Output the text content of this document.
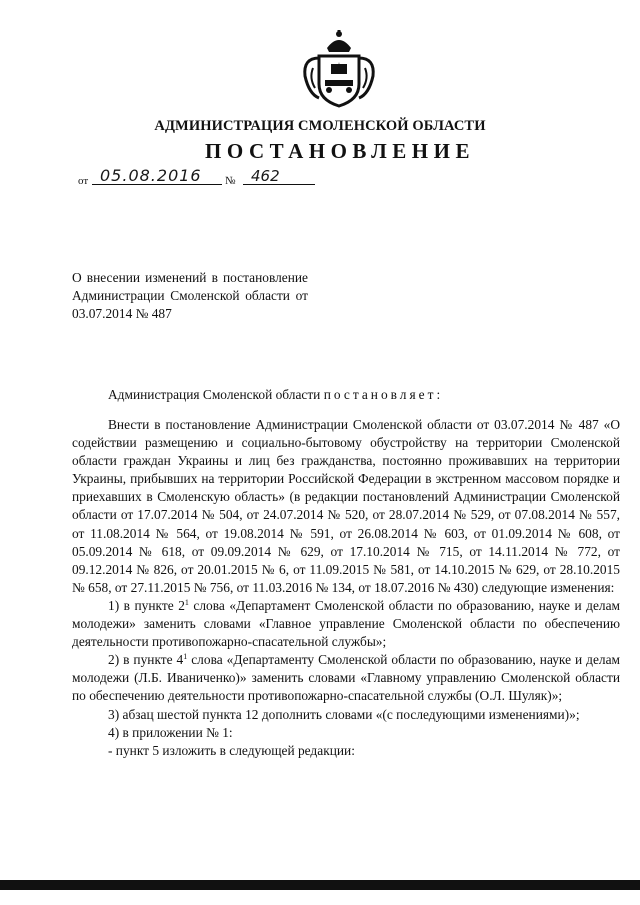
АДМИНИСТРАЦИЯ СМОЛЕНСКОЙ ОБЛАСТИ
ПОСТАНОВЛЕНИЕ
от 05.08.2016	№	462
О внесении изменений в постановление Администрации Смоленской области от 03.07.2014 № 487
Администрация Смоленской области постановляет:

Внести в постановление Администрации Смоленской области от 03.07.2014 № 487 «О содействии размещению и социально-бытовому обустройству на территории Смоленской области граждан Украины и лиц без гражданства, постоянно проживавших на территории Украины, прибывших на территории Российской Федерации в экстренном массовом порядке и приехавших в Смоленскую область» (в редакции постановлений Администрации Смоленской области от 17.07.2014 № 504, от 24.07.2014 № 520, от 28.07.2014 № 529, от 07.08.2014 № 557, от 11.08.2014 № 564, от 19.08.2014 № 591, от 26.08.2014 № 603, от 01.09.2014 № 608, от 05.09.2014 № 618, от 09.09.2014 № 629, от 17.10.2014 № 715, от 14.11.2014 № 772, от 09.12.2014 № 826, от 20.01.2015 № 6, от 11.09.2015 № 581, от 14.10.2015 № 629, от 28.10.2015 № 658, от 27.11.2015 № 756, от 11.03.2016 № 134, от 18.07.2016 № 430) следующие изменения:

1) в пункте $2^1$ слова «Департамент Смоленской области по образованию, науке и делам молодежи» заменить словами «Главное управление Смоленской области по обеспечению деятельности противопожарно-спасательной службы»;

2) в пункте $4^1$ слова «Департаменту Смоленской области по образованию, науке и делам молодежи (Л.Б. Иваниченко)» заменить словами «Главному управлению Смоленской области по обеспечению деятельности противопожарно-спасательной службы (О.Л. Шуляк)»;

3) абзац шестой пункта 12 дополнить словами «(с последующими изменениями)»;

4) в приложении № 1:

- пункт 5 изложить в следующей редакции:
